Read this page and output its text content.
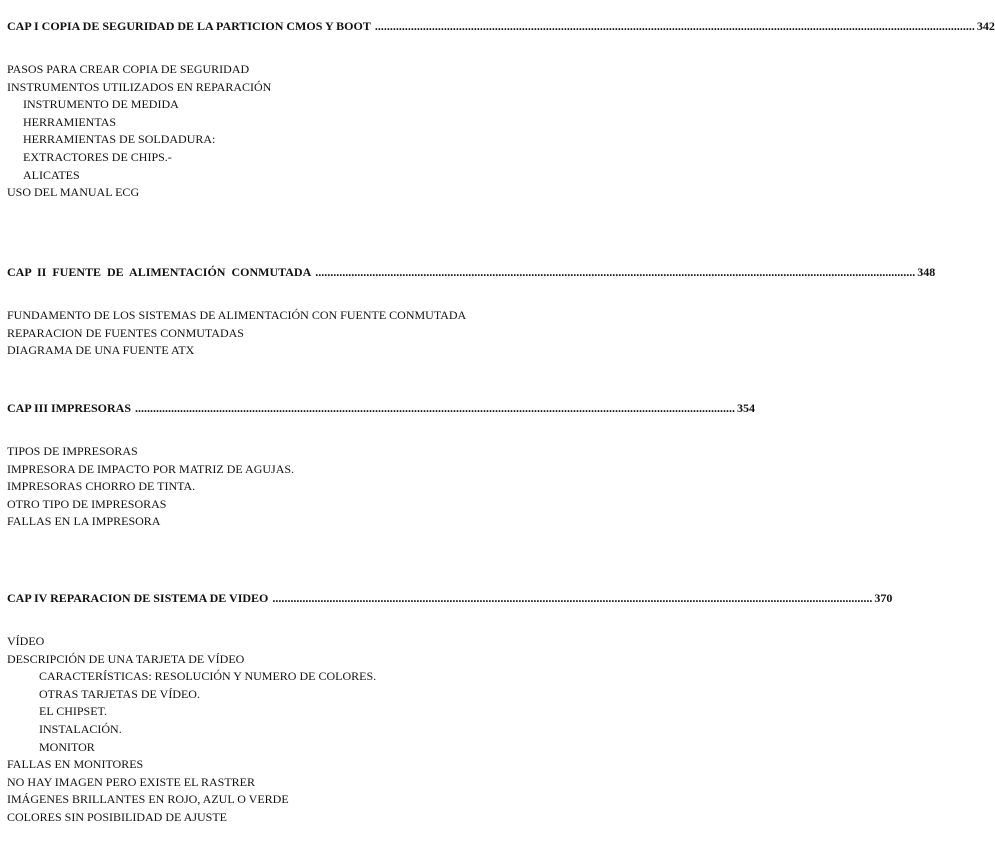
CAP I COPIA DE SEGURIDAD DE LA PARTICION CMOS Y BOOT ........................................................................................................................................................................................................ 342
PASOS PARA CREAR COPIA DE SEGURIDAD
INSTRUMENTOS UTILIZADOS EN REPARACIÓN
INSTRUMENTO DE MEDIDA
HERRAMIENTAS
HERRAMIENTAS DE SOLDADURA:
EXTRACTORES DE CHIPS.-
ALICATES
USO DEL MANUAL ECG
CAP II FUENTE DE ALIMENTACIÓN CONMUTADA ........................................................................................................................................................................................................ 348
FUNDAMENTO DE LOS SISTEMAS DE ALIMENTACIÓN CON FUENTE CONMUTADA
REPARACION DE FUENTES CONMUTADAS
DIAGRAMA DE UNA FUENTE ATX
CAP III IMPRESORAS ........................................................................................................................................................................................................ 354
TIPOS DE IMPRESORAS
IMPRESORA DE IMPACTO POR MATRIZ DE AGUJAS.
IMPRESORAS CHORRO DE TINTA.
OTRO TIPO DE IMPRESORAS
FALLAS EN LA IMPRESORA
CAP IV REPARACION DE SISTEMA DE VIDEO ........................................................................................................................................................................................................ 370
VÍDEO
DESCRIPCIÓN DE UNA TARJETA DE VÍDEO
CARACTERÍSTICAS: RESOLUCIÓN Y NUMERO DE COLORES.
OTRAS TARJETAS DE VÍDEO.
EL CHIPSET.
INSTALACIÓN.
MONITOR
FALLAS EN MONITORES
NO HAY IMAGEN PERO EXISTE EL RASTRER
IMÁGENES BRILLANTES EN ROJO, AZUL O VERDE
COLORES SIN POSIBILIDAD DE AJUSTE
